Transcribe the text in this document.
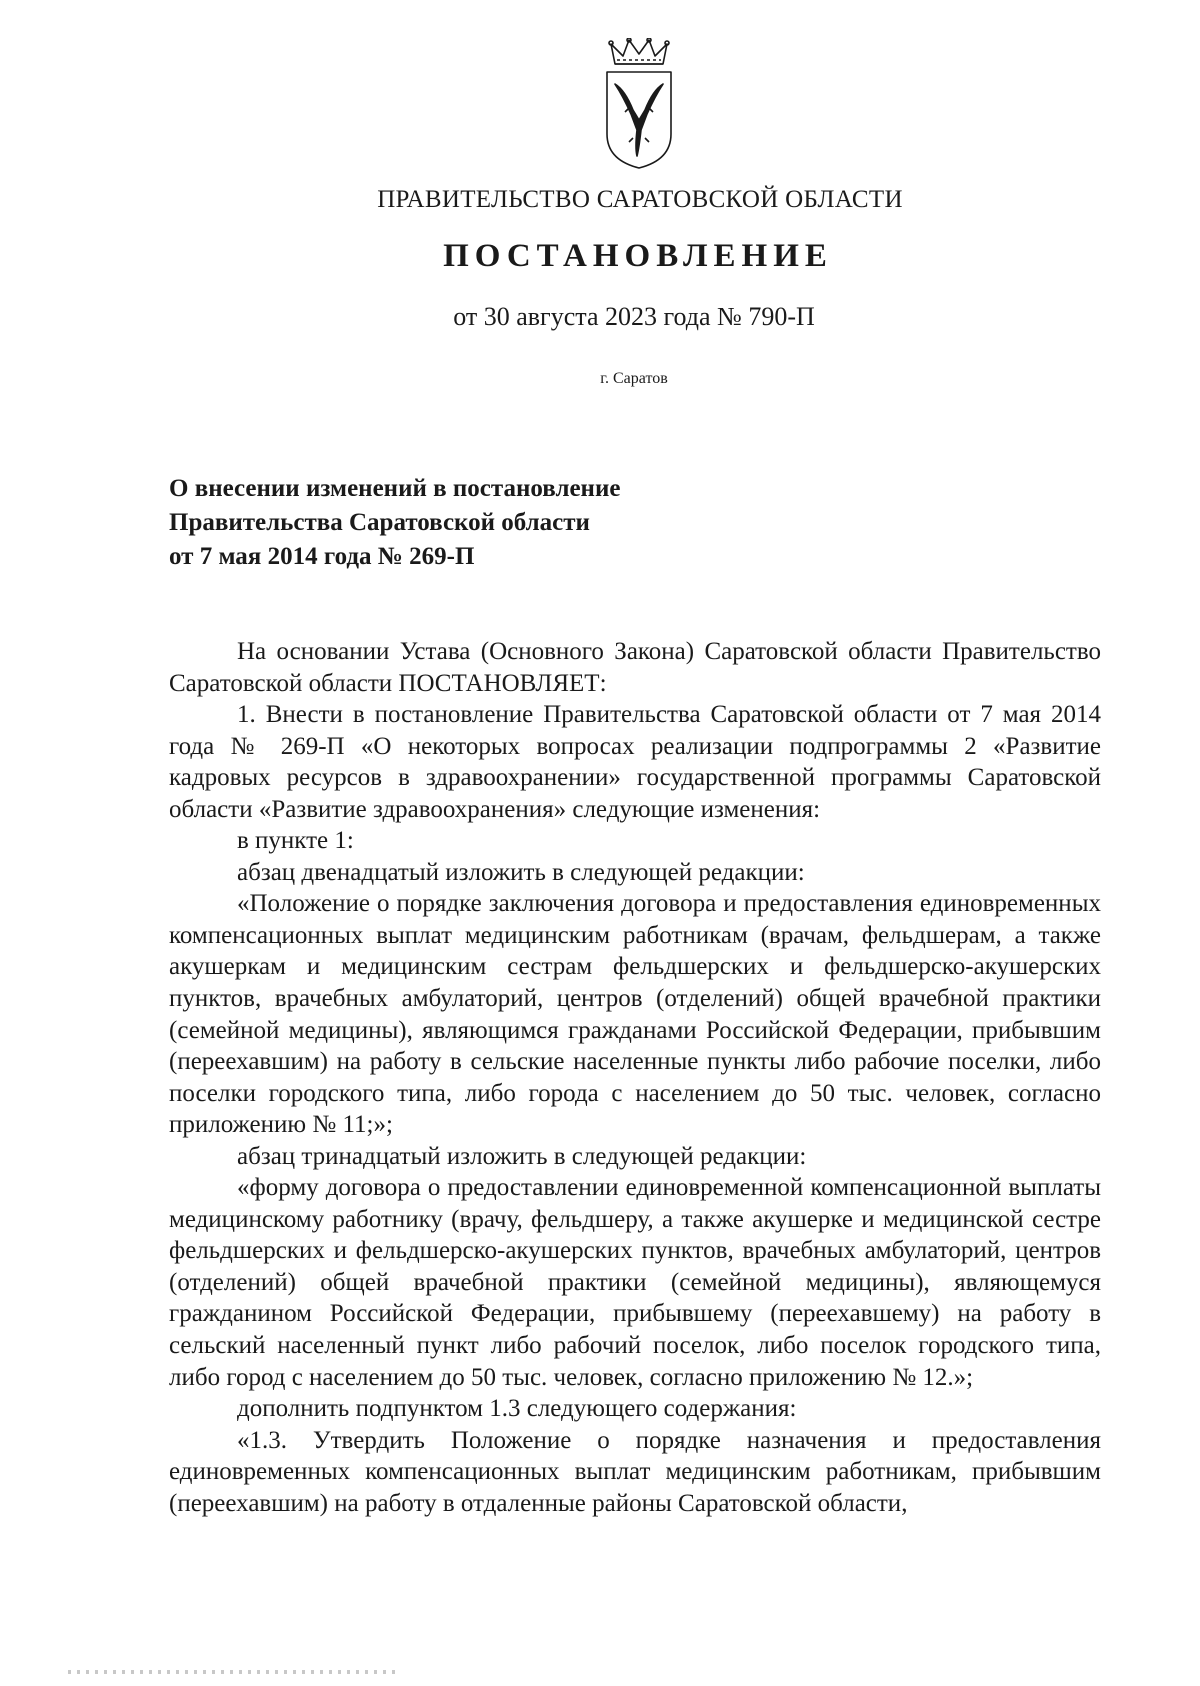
ПРАВИТЕЛЬСТВО САРАТОВСКОЙ ОБЛАСТИ
ПОСТАНОВЛЕНИЕ
от 30 августа 2023 года № 790-П
г. Саратов
О внесении изменений в постановление
Правительства Саратовской области
от 7 мая 2014 года № 269-П

На основании Устава (Основного Закона) Саратовской области Правительство Саратовской области ПОСТАНОВЛЯЕТ:

1. Внести в постановление Правительства Саратовской области от 7 мая 2014 года № 269-П «О некоторых вопросах реализации подпрограммы 2 «Развитие кадровых ресурсов в здравоохранении» государственной программы Саратовской области «Развитие здравоохранения» следующие изменения:

в пункте 1:

абзац двенадцатый изложить в следующей редакции:

«Положение о порядке заключения договора и предоставления единовременных компенсационных выплат медицинским работникам (врачам, фельдшерам, а также акушеркам и медицинским сестрам фельдшерских и фельдшерско-акушерских пунктов, врачебных амбулаторий, центров (отделений) общей врачебной практики (семейной медицины), являющимся гражданами Российской Федерации, прибывшим (переехавшим) на работу в сельские населенные пункты либо рабочие поселки, либо поселки городского типа, либо города с населением до 50 тыс. человек, согласно приложению № 11;»;

абзац тринадцатый изложить в следующей редакции:

«форму договора о предоставлении единовременной компенсационной выплаты медицинскому работнику (врачу, фельдшеру, а также акушерке и медицинской сестре фельдшерских и фельдшерско-акушерских пунктов, врачебных амбулаторий, центров (отделений) общей врачебной практики (семейной медицины), являющемуся гражданином Российской Федерации, прибывшему (переехавшему) на работу в сельский населенный пункт либо рабочий поселок, либо поселок городского типа, либо город с населением до 50 тыс. человек, согласно приложению № 12.»;

дополнить подпунктом 1.3 следующего содержания:

«1.3. Утвердить Положение о порядке назначения и предоставления единовременных компенсационных выплат медицинским работникам, прибывшим (переехавшим) на работу в отдаленные районы Саратовской области,
